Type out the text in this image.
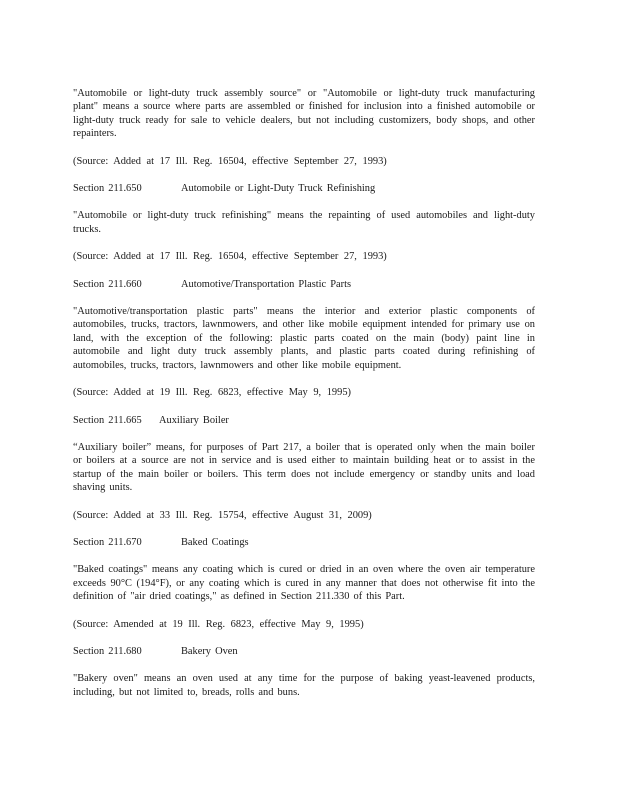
"Automobile or light-duty truck assembly source" or "Automobile or light-duty truck manufacturing plant" means a source where parts are assembled or finished for inclusion into a finished automobile or light-duty truck ready for sale to vehicle dealers, but not including customizers, body shops, and other repainters.

(Source: Added at 17 Ill. Reg. 16504, effective September 27, 1993)

Section 211.650	Automobile or Light-Duty Truck Refinishing

"Automobile or light-duty truck refinishing" means the repainting of used automobiles and light-duty trucks.

(Source: Added at 17 Ill. Reg. 16504, effective September 27, 1993)

Section 211.660	Automotive/Transportation Plastic Parts

"Automotive/transportation plastic parts" means the interior and exterior plastic components of automobiles, trucks, tractors, lawnmowers, and other like mobile equipment intended for primary use on land, with the exception of the following: plastic parts coated on the main (body) paint line in automobile and light duty truck assembly plants, and plastic parts coated during refinishing of automobiles, trucks, tractors, lawnmowers and other like mobile equipment.

(Source: Added at 19 Ill. Reg. 6823, effective May 9, 1995)

Section 211.665 Auxiliary Boiler

“Auxiliary boiler” means, for purposes of Part 217, a boiler that is operated only when the main boiler or boilers at a source are not in service and is used either to maintain building heat or to assist in the startup of the main boiler or boilers. This term does not include emergency or standby units and load shaving units.

(Source: Added at 33 Ill. Reg. 15754, effective August 31, 2009)

Section 211.670	Baked Coatings

"Baked coatings" means any coating which is cured or dried in an oven where the oven air temperature exceeds 90°C (194°F), or any coating which is cured in any manner that does not otherwise fit into the definition of "air dried coatings," as defined in Section 211.330 of this Part.

(Source: Amended at 19 Ill. Reg. 6823, effective May 9, 1995)

Section 211.680	Bakery Oven

"Bakery oven" means an oven used at any time for the purpose of baking yeast-leavened products, including, but not limited to, breads, rolls and buns.
